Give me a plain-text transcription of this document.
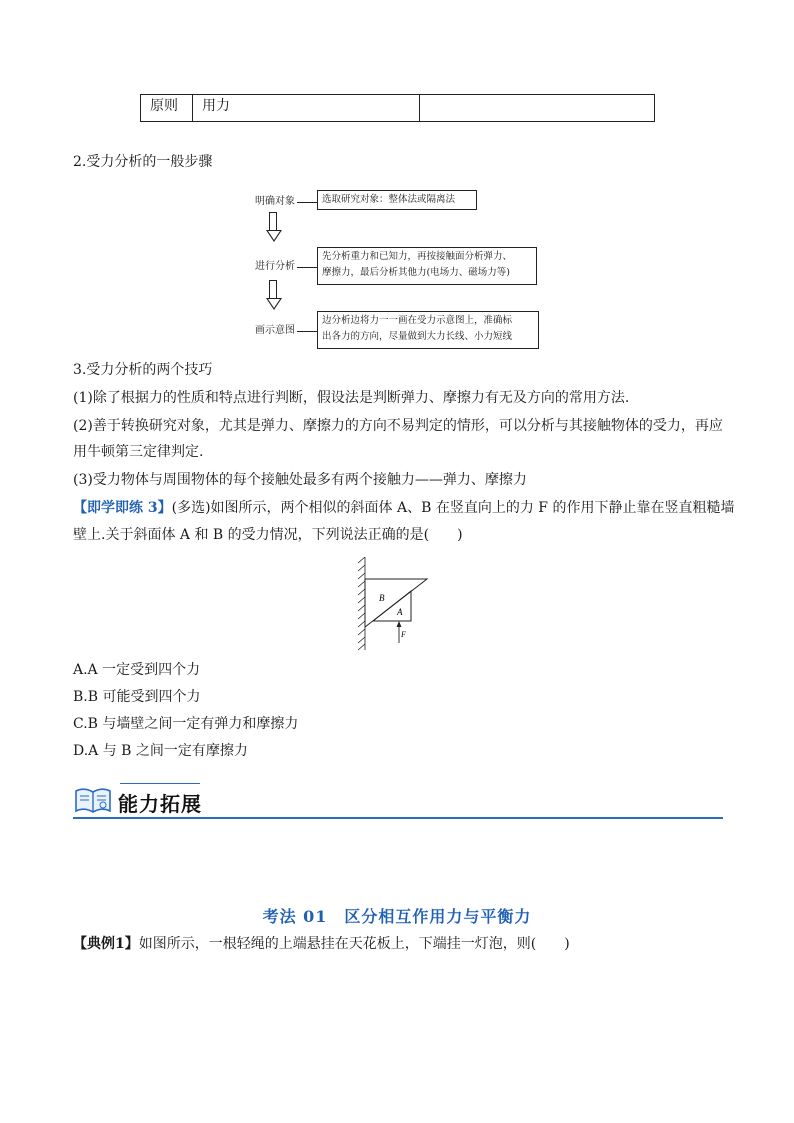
原则	用力
2.受力分析的一般步骤
明确对象	选取研究对象：整体法或隔离法
进行分析
先分析重力和已知力，再按接触面分析弹力、
摩擦力，最后分析其他力(电场力、磁场力等)
画示意图
边分析边将力一一画在受力示意图上，准确标
出各力的方向，尽量做到大力长线、小力短线
3.受力分析的两个技巧
(1)除了根据力的性质和特点进行判断，假设法是判断弹力、摩擦力有无及方向的常用方法.
(2)善于转换研究对象，尤其是弹力、摩擦力的方向不易判定的情形，可以分析与其接触物体的受力，再应
用牛顿第三定律判定.
(3)受力物体与周围物体的每个接触处最多有两个接触力——弹力、摩擦力
【即学即练 3】(多选)如图所示，两个相似的斜面体 A、B 在竖直向上的力 F 的作用下静止靠在竖直粗糙墙
壁上.关于斜面体 A 和 B 的受力情况，下列说法正确的是(　　)
B
A
F
A.A 一定受到四个力
B.B 可能受到四个力
C.B 与墙壁之间一定有弹力和摩擦力
D.A 与 B 之间一定有摩擦力
能力拓展
考法 01　区分相互作用力与平衡力
【典例1】如图所示，一根轻绳的上端悬挂在天花板上，下端挂一灯泡，则(　　)
